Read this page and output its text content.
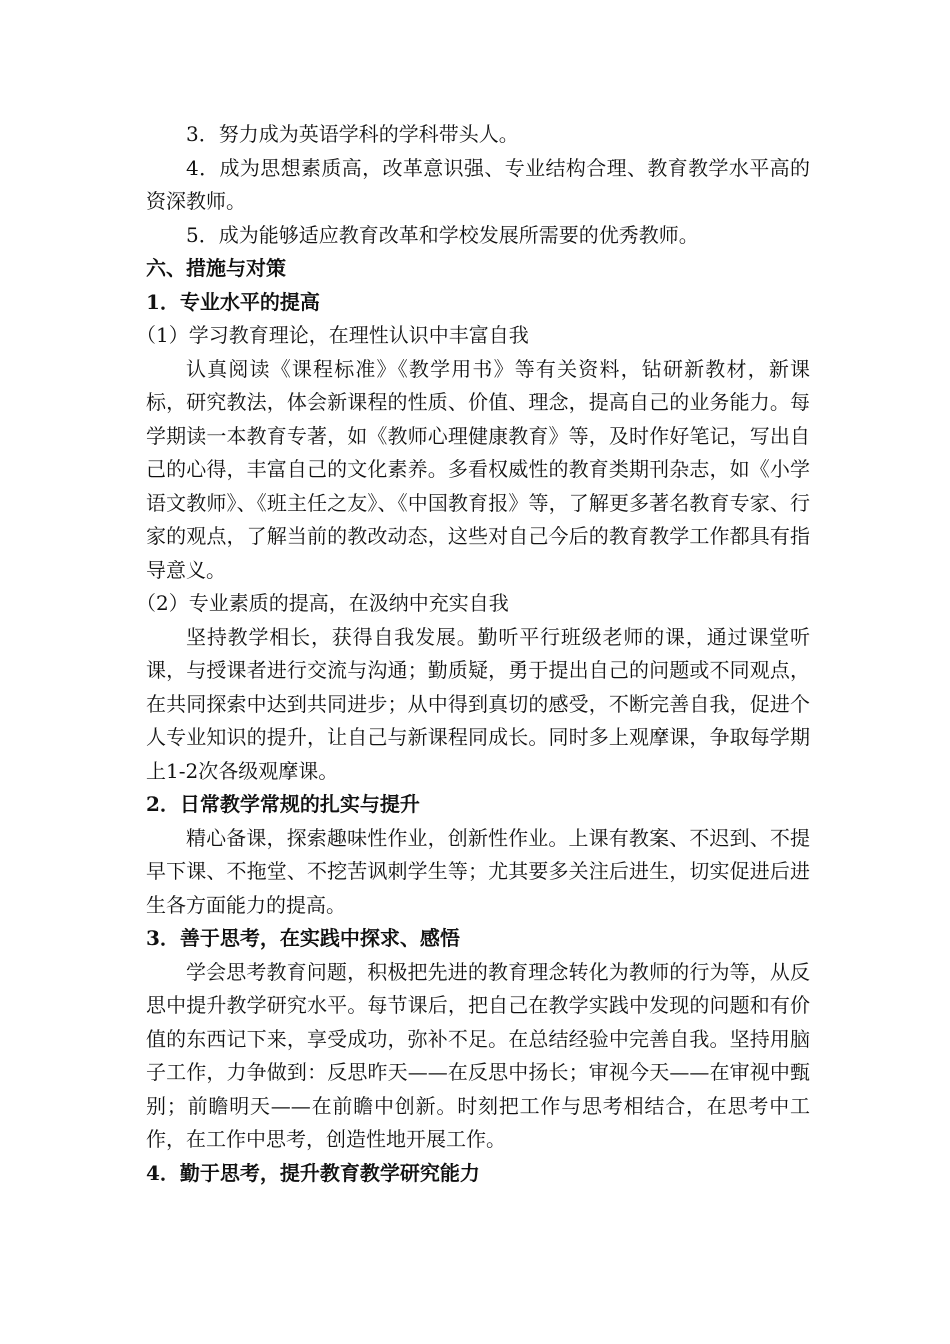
3．努力成为英语学科的学科带头人。

4．成为思想素质高，改革意识强、专业结构合理、教育教学水平高的资深教师。

5．成为能够适应教育改革和学校发展所需要的优秀教师。

六、措施与对策

1．专业水平的提高

（1）学习教育理论，在理性认识中丰富自我

认真阅读《课程标准》《教学用书》等有关资料，钻研新教材，新课标，研究教法，体会新课程的性质、价值、理念，提高自己的业务能力。每学期读一本教育专著，如《教师心理健康教育》等，及时作好笔记，写出自己的心得，丰富自己的文化素养。多看权威性的教育类期刊杂志，如《小学语文教师》、《班主任之友》、《中国教育报》等，了解更多著名教育专家、行家的观点，了解当前的教改动态，这些对自己今后的教育教学工作都具有指导意义。

（2）专业素质的提高，在汲纳中充实自我

坚持教学相长，获得自我发展。勤听平行班级老师的课，通过课堂听课，与授课者进行交流与沟通；勤质疑，勇于提出自己的问题或不同观点，在共同探索中达到共同进步；从中得到真切的感受，不断完善自我，促进个人专业知识的提升，让自己与新课程同成长。同时多上观摩课，争取每学期上1-2次各级观摩课。

2．日常教学常规的扎实与提升

精心备课，探索趣味性作业，创新性作业。上课有教案、不迟到、不提早下课、不拖堂、不挖苦讽刺学生等；尤其要多关注后进生，切实促进后进生各方面能力的提高。

3．善于思考，在实践中探求、感悟

学会思考教育问题，积极把先进的教育理念转化为教师的行为等，从反思中提升教学研究水平。每节课后，把自己在教学实践中发现的问题和有价值的东西记下来，享受成功，弥补不足。在总结经验中完善自我。坚持用脑子工作，力争做到：反思昨天——在反思中扬长；审视今天——在审视中甄别；前瞻明天——在前瞻中创新。时刻把工作与思考相结合，在思考中工作，在工作中思考，创造性地开展工作。

4．勤于思考，提升教育教学研究能力
